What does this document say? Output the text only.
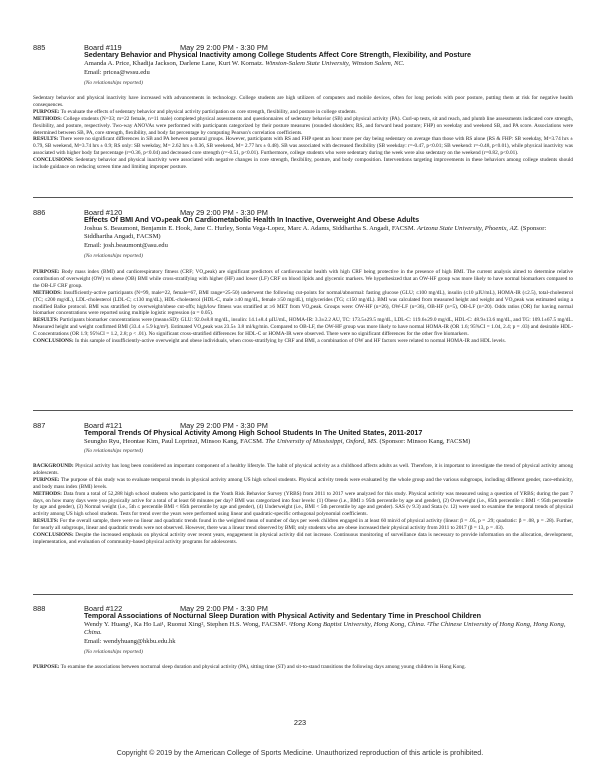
885	Board #119	May 29 2:00 PM - 3:30 PM
Sedentary Behavior and Physical Inactivity among College Students Affect Core Strength, Flexibility, and Posture
Amanda A. Price, Khadija Jackson, Darlene Lane, Kurt W. Kornatz. Winston-Salem State University, Winston Salem, NC.
Email: pricea@wssu.edu
(No relationships reported)

Sedentary behavior and physical inactivity have increased with advancements in technology. College students are high utilizers of computers and mobile devices, often for long periods with poor posture, putting them at risk for negative health consequences.

PURPOSE: To evaluate the effects of sedentary behavior and physical activity participation on core strength, flexibility, and posture in college students.

METHODS: College students (N=33; m=22 female, n=11 male) completed physical assessments and questionnaires of sedentary behavior (SB) and physical activity (PA). Curl-up tests, sit and reach, and plumb line assessments indicated core strength, flexibility, and posture, respectively. Two-way ANOVAs were performed with participants categorized by their posture measures (rounded shoulders; RS, and forward head posture; FHP) on weekday and weekend SB, and PA score. Associations were determined between SB, PA, core strength, flexibility, and body fat percentage by computing Pearson's correlation coefficients.

RESULTS: There were no significant differences in SB and PA between postural groups. However, participants with RS and FHP spent an hour more per day being sedentary on average than those with RS alone (RS & FHP: SB weekday, M=3.74 hrs ± 0.79, SB weekend, M=3.74 hrs ± 0.9; RS only: SB weekday, M= 2.62 hrs ± 0.36, SB weekend, M= 2.77 hrs ± 0.48). SB was associated with decreased flexibility (SB weekday: r=-0.47, p<0.01; SB weekend: r=-0.48, p<0.01), while physical inactivity was associated with higher body fat percentage (r=0.36, p<0.04) and decreased core strength (r=-0.51, p<0.01). Furthermore, college students who were sedentary during the week were also sedentary on the weekend (r=0.82, p<0.01).

CONCLUSIONS: Sedentary behavior and physical inactivity were associated with negative changes in core strength, flexibility, posture, and body composition. Interventions targeting improvements in these behaviors among college students should include guidance on reducing screen time and limiting improper posture.

886	Board #120	May 29 2:00 PM - 3:30 PM
Effects Of BMI And VO₂peak On Cardiometabolic Health In Inactive, Overweight And Obese Adults
Joshua S. Beaumont, Benjamin E. Hook, Jane C. Hurley, Sonia Vega-Lopez, Marc A. Adams, Siddhartha S. Angadi, FACSM. Arizona State University, Phoenix, AZ. (Sponsor: Siddhartha Angadi, FACSM)
Email: josh.beaumont@asu.edu
(No relationships reported)

PURPOSE: Body mass index (BMI) and cardiorespiratory fitness (CRF; VO₂peak) are significant predictors of cardiovascular health with high CRF being protective in the presence of high BMI. The current analysis aimed to determine relative contribution of overweight (OW) vs obese (OB) BMI while cross-stratifying with higher (HF) and lower (LF) CRF on blood lipids and glycemic markers. We hypothesized that an OW-HF group was more likely to have normal biomarkers compared to the OB-LF CRF group.

METHODS: Insufficiently-active participants (N=99, male=22, female=67, BMI range=25-50) underwent the following cut-points for normal/abnormal: fasting glucose (GLU; ≤100 mg/dL), insulin (≤10 µIU/mL), HOMA-IR (≤2.5), total-cholesterol (TC; ≤200 mg/dL), LDL-cholesterol (LDL-C; ≤130 mg/dL), HDL-cholesterol (HDL-C, male ≥40 mg/dL, female ≥50 mg/dL), triglycerides (TG; ≤150 mg/dL). BMI was calculated from measured height and weight and VO₂peak was estimated using a modified Balke protocol. BMI was stratified by overweight/obese cut-offs; high/low fitness was stratified at ≥6 MET from VO₂peak. Groups were: OW-HF (n=26), OW-LF (n=36), OB-HF (n=5), OB-LF (n=20). Odds ratios (OR) for having normal biomarker concentrations were reported using multiple logistic regression (α = 0.05).

RESULTS: Participants biomarker concentrations were (mean±SD): GLU: 92.0±8.8 mg/dL, insulin: 14.1±8.4 µIU/mL, HOMA-IR: 3.3±2.2 AU, TC: 173.5±29.5 mg/dL, LDL-C: 119.6±29.0 mg/dL, HDL-C: 48.9±13.6 mg/dL, and TG: 109.1±67.5 mg/dL. Measured height and weight confirmed BMI (33.4 ± 5.9 kg/m²). Estimated VO₂peak was 23.5± 3.8 ml/kg/min. Compared to OB-LF, the OW-HF group was more likely to have normal HOMA-IR (OR 1.6; 95%CI = 1.04, 2.4; p = .03) and desirable HDL-C concentrations (OR 1.9; 95%CI = 1.2, 2.8; p < .01). No significant cross-stratified differences for HDL-C or HOMA-IR were observed. There were no significant differences for the other five biomarkers.

CONCLUSIONS: In this sample of insufficiently-active overweight and obese individuals, when cross-stratifying by CRF and BMI, a combination of OW and HF factors were related to normal HOMA-IR and HDL levels.

887	Board #121	May 29 2:00 PM - 3:30 PM
Temporal Trends Of Physical Activity Among High School Students In The United States, 2011-2017
Seungho Ryu, Heontae Kim, Paul Loprinzi, Minsoo Kang, FACSM. The University of Mississippi, Oxford, MS. (Sponsor: Minsoo Kang, FACSM)
(No relationships reported)

BACKGROUND: Physical activity has long been considered an important component of a healthy lifestyle. The habit of physical activity as a childhood affects adults as well. Therefore, it is important to investigate the trend of physical activity among adolescents.

PURPOSE: The purpose of this study was to evaluate temporal trends in physical activity among US high school students. Physical activity trends were evaluated by the whole group and the various subgroups, including different gender, race-ethnicity, and body mass index (BMI) levels.

METHODS: Data from a total of 52,288 high school students who participated in the Youth Risk Behavior Survey (YRBS) from 2011 to 2017 were analyzed for this study. Physical activity was measured using a question of YRBS; during the past 7 days, on how many days were you physically active for a total of at least 60 minutes per day? BMI was categorized into four levels: (1) Obese (i.e., BMI ≥ 95th percentile by age and gender), (2) Overweight (i.e., 85th percentile ≤ BMI < 95th percentile by age and gender), (3) Normal weight (i.e., 5th ≤ percentile BMI < 85th percentile by age and gender), (4) Underweight (i.e., BMI < 5th percentile by age and gender). SAS (v 9.3) and Stata (v. 12) were used to examine the temporal trends of physical activity among US high school students. Tests for trend over the years were performed using linear and quadratic-specific orthogonal polynomial coefficients.

RESULTS: For the overall sample, there were no linear and quadratic trends found in the weighted mean of number of days per week children engaged in at least 60 min/d of physical activity (linear: β = .05, p = .29; quadratic: β = .08, p = .28). Further, for nearly all subgroups, linear and quadratic trends were not observed. However, there was a linear trend observed by BMI; only students who are obese increased their physical activity from 2011 to 2017 (β = 13, p = .03).

CONCLUSIONS: Despite the increased emphasis on physical activity over recent years, engagement in physical activity did not increase. Continuous monitoring of surveillance data is necessary to provide information on the allocation, development, implementation, and evaluation of community-based physical activity programs for adolescents.

888	Board #122	May 29 2:00 PM - 3:30 PM
Temporal Associations of Nocturnal Sleep Duration with Physical Activity and Sedentary Time in Preschool Children
Wendy Y. Huang¹, Ka Ho Lai¹, Ruonui Xing², Stephen H.S. Wong, FACSM². ¹Hong Kong Baptist University, Hong Kong, China. ²The Chinese University of Hong Kong, Hong Kong, China.
Email: wendyhuang@hkbu.edu.hk
(No relationships reported)

PURPOSE: To examine the associations between nocturnal sleep duration and physical activity (PA), sitting time (ST) and sit-to-stand transitions the following days among young children in Hong Kong.

223
Copyright © 2019 by the American College of Sports Medicine. Unauthorized reproduction of this article is prohibited.
